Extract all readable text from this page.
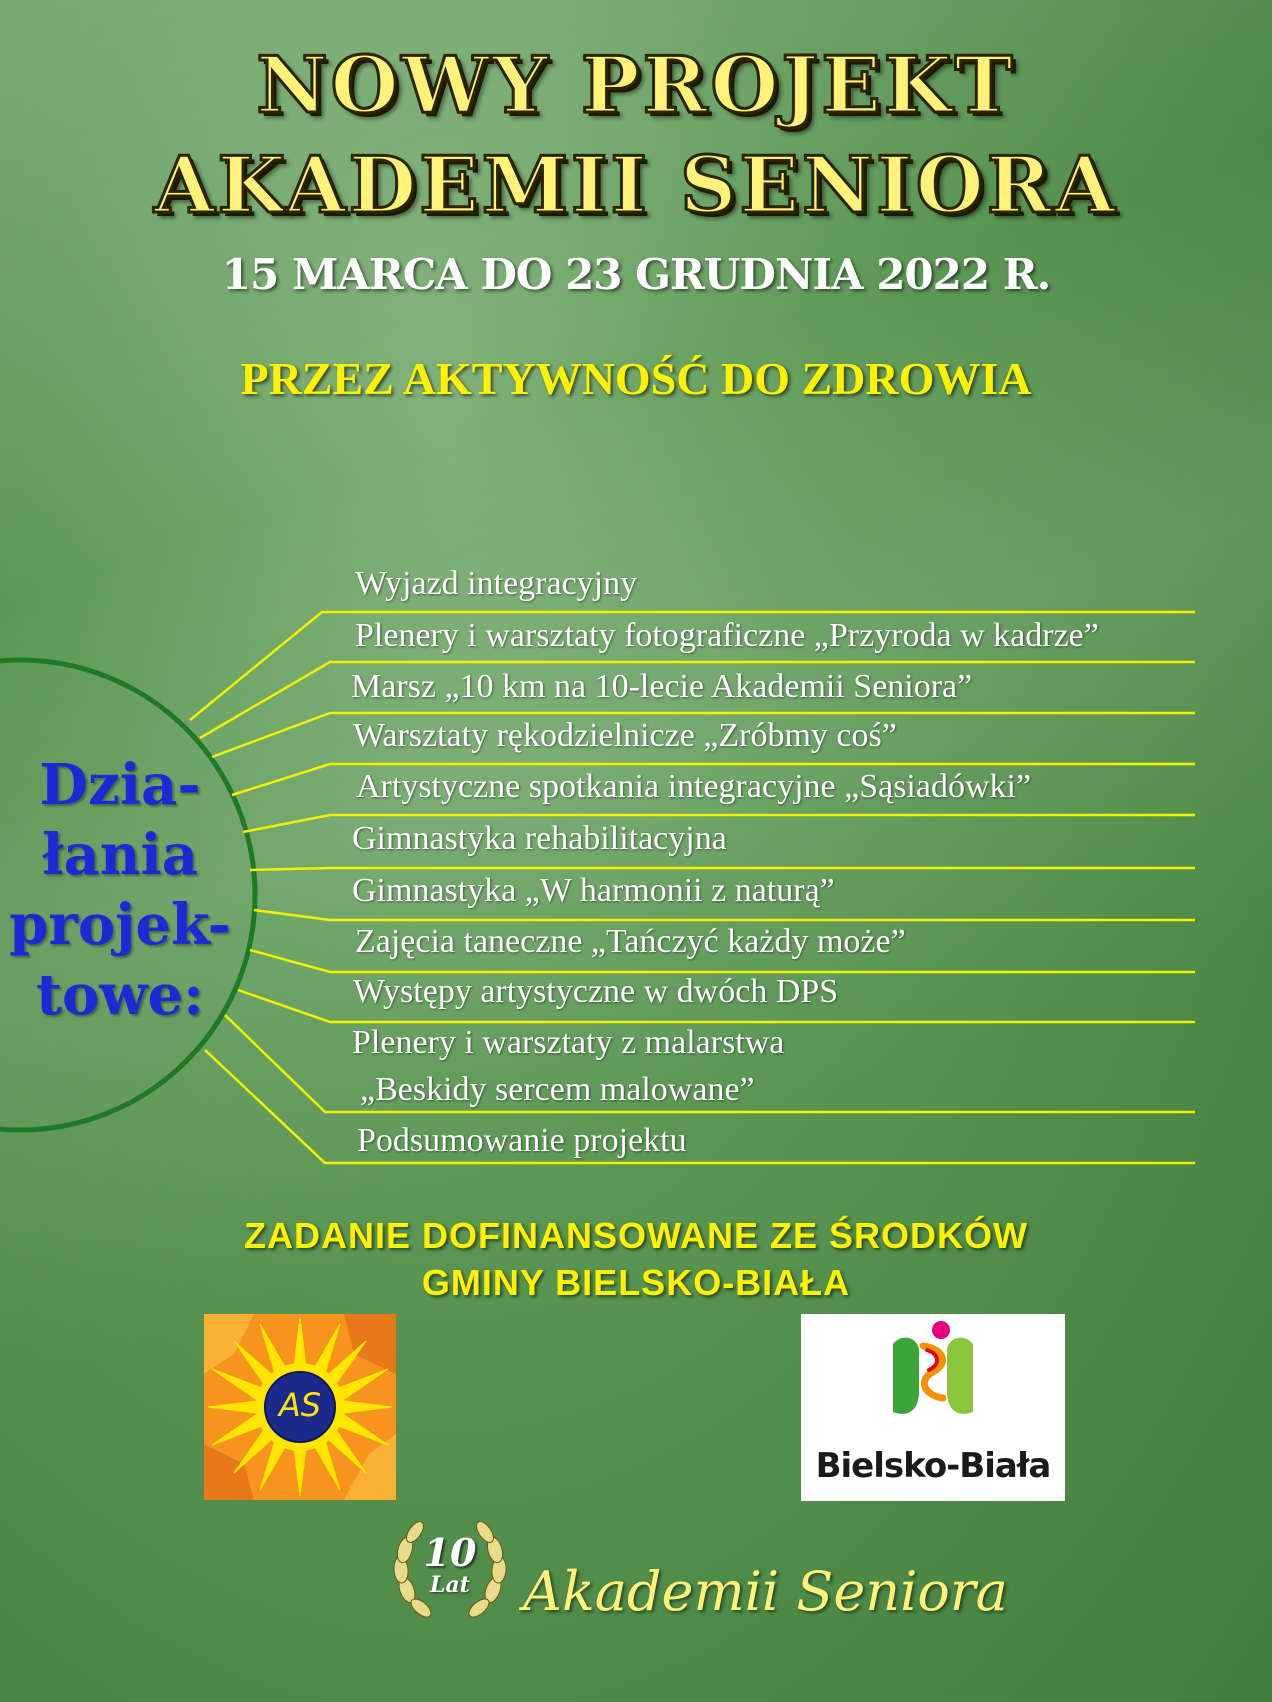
NOWY PROJEKT
AKADEMII SENIORA
15 MARCA DO 23 GRUDNIA 2022 R.
PRZEZ AKTYWNOŚĆ DO ZDROWIA
Dzia-
łania
projek-
towe:
Wyjazd integracyjny
Plenery i warsztaty fotograficzne „Przyroda w kadrze”
Marsz „10 km na 10-lecie Akademii Seniora”
Warsztaty rękodzielnicze „Zróbmy coś”
Artystyczne spotkania integracyjne „Sąsiadówki”
Gimnastyka rehabilitacyjna
Gimnastyka „W harmonii z naturą”
Zajęcia taneczne „Tańczyć każdy może”
Występy artystyczne w dwóch DPS
Plenery i warsztaty z malarstwa
„Beskidy sercem malowane”
Podsumowanie projektu
ZADANIE DOFINANSOWANE ZE ŚRODKÓW
GMINY BIELSKO-BIAŁA
AS
Bielsko-Biała
10
Lat Akademii Seniora
